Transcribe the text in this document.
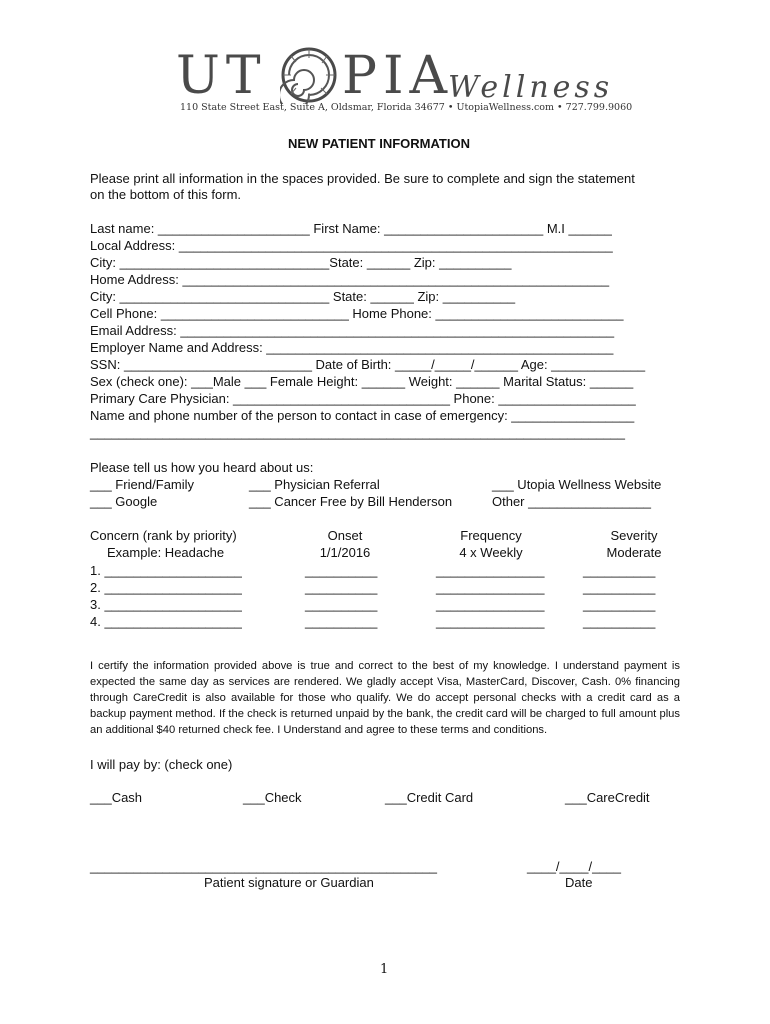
UT PIA
Wellness
110 State Street East, Suite A, Oldsmar, Florida 34677 • UtopiaWellness.com • 727.799.9060
NEW PATIENT INFORMATION
Please print all information in the spaces provided. Be sure to complete and sign the statement
on the bottom of this form.
Last name: _____________________ First Name: ______________________ M.I ______
Local Address: ____________________________________________________________
City: _____________________________State: ______ Zip: __________
Home Address: ___________________________________________________________
City: _____________________________ State: ______ Zip: __________
Cell Phone: __________________________ Home Phone: __________________________
Email Address: ____________________________________________________________
Employer Name and Address: ________________________________________________
SSN: __________________________ Date of Birth: _____/_____/______ Age: _____________
Sex (check one): ___Male ___ Female Height: ______ Weight: ______ Marital Status: ______
Primary Care Physician: ______________________________ Phone: ___________________
Name and phone number of the person to contact in case of emergency: _________________
__________________________________________________________________________
Please tell us how you heard about us:
___ Friend/Family	___ Physician Referral	___ Utopia Wellness Website
___ Google	___ Cancer Free by Bill Henderson	Other _________________
Concern (rank by priority)	Onset	Frequency	Severity
Example: Headache	1/1/2016	4 x Weekly	Moderate
1. ___________________	__________	_______________	__________
2. ___________________	__________	_______________	__________
3. ___________________	__________	_______________	__________
4. ___________________	__________	_______________	__________
I certify the information provided above is true and correct to the best of my knowledge. I understand payment is expected the same day as services are rendered. We gladly accept Visa, MasterCard, Discover, Cash. 0% financing through CareCredit is also available for those who qualify. We do accept personal checks with a credit card as a backup payment method. If the check is returned unpaid by the bank, the credit card will be charged to full amount plus an additional $40 returned check fee. I Understand and agree to these terms and conditions.
I will pay by: (check one)
___Cash	___Check	___Credit Card	___CareCredit
________________________________________________
Patient signature or Guardian
____/____/____
Date
1
